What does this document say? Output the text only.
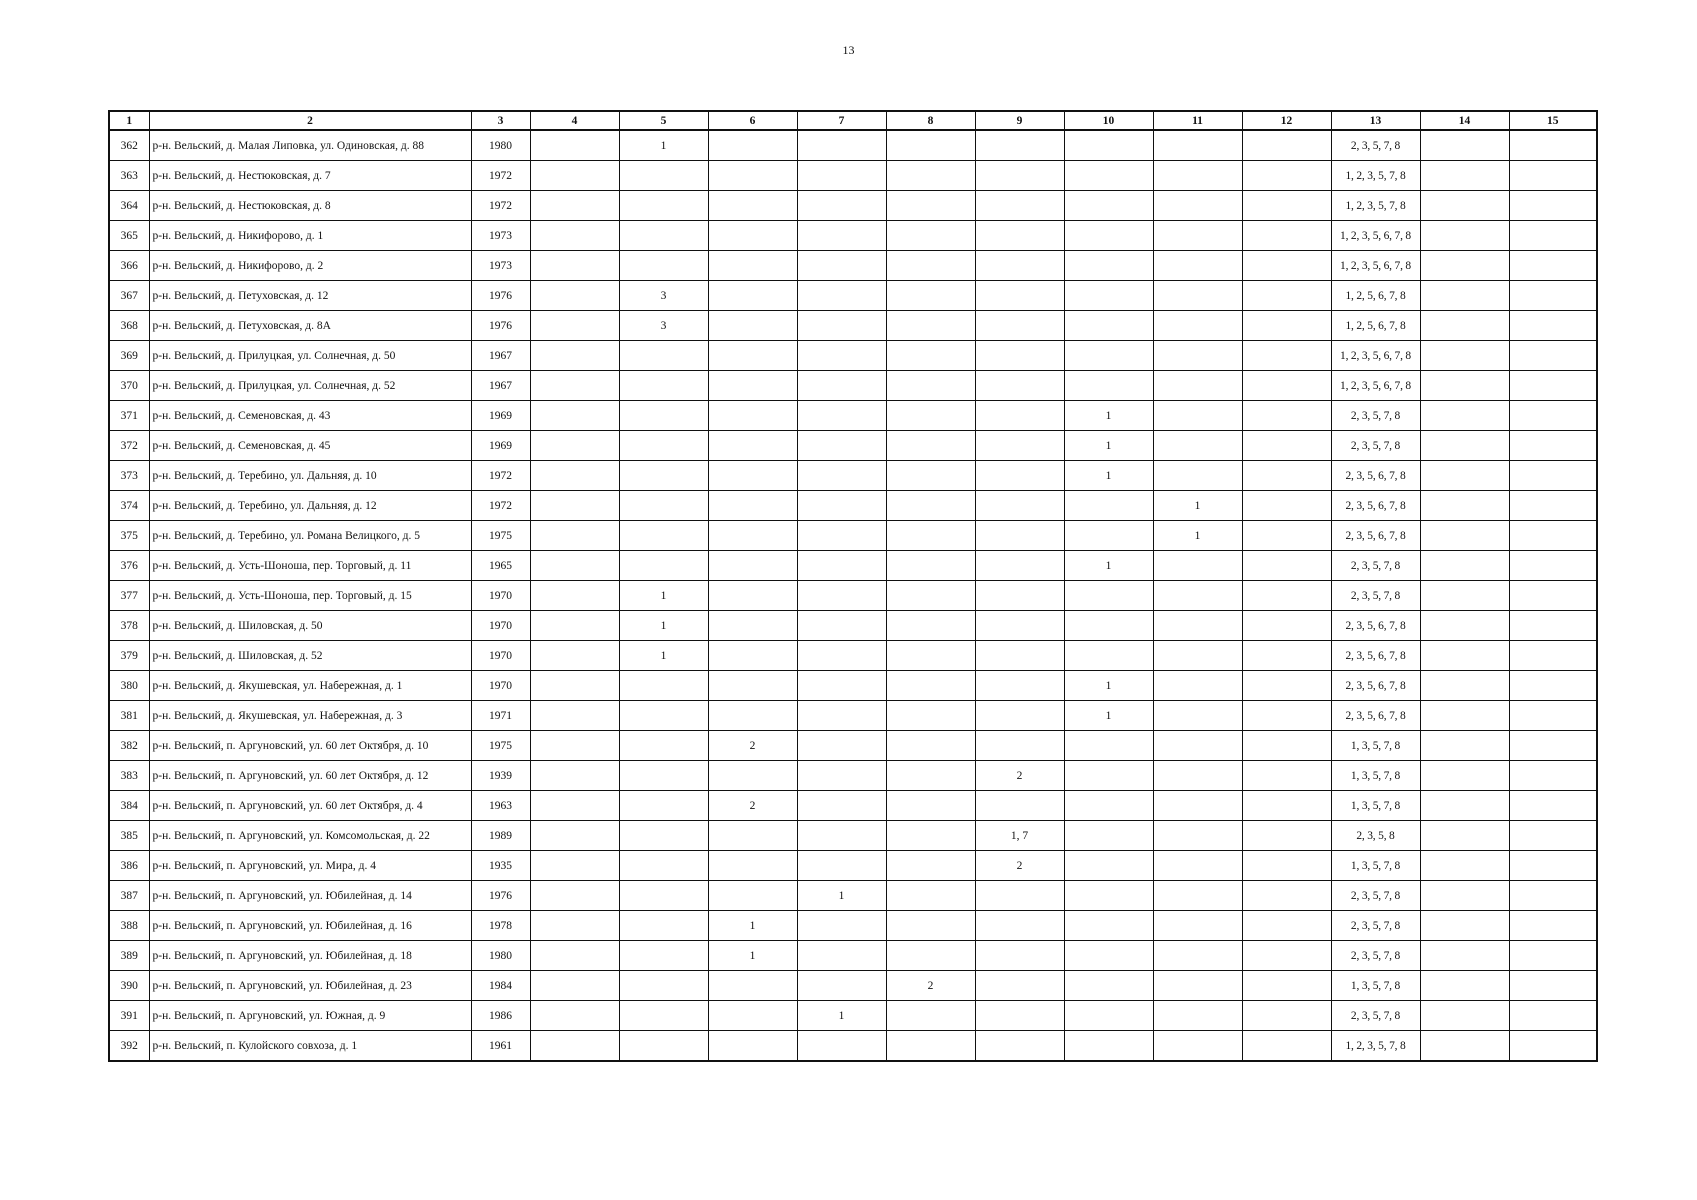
13
1	2	3	4	5	6	7	8	9	10	11	12	13	14	15
362	р-н. Вельский, д. Малая Липовка, ул. Одиновская, д. 88	1980		1								2, 3, 5, 7, 8		
363	р-н. Вельский, д. Нестюковская, д. 7	1972										1, 2, 3, 5, 7, 8		
364	р-н. Вельский, д. Нестюковская, д. 8	1972										1, 2, 3, 5, 7, 8		
365	р-н. Вельский, д. Никифорово, д. 1	1973										1, 2, 3, 5, 6, 7, 8		
366	р-н. Вельский, д. Никифорово, д. 2	1973										1, 2, 3, 5, 6, 7, 8		
367	р-н. Вельский, д. Петуховская, д. 12	1976		3								1, 2, 5, 6, 7, 8		
368	р-н. Вельский, д. Петуховская, д. 8А	1976		3								1, 2, 5, 6, 7, 8		
369	р-н. Вельский, д. Прилуцкая, ул. Солнечная, д. 50	1967										1, 2, 3, 5, 6, 7, 8		
370	р-н. Вельский, д. Прилуцкая, ул. Солнечная, д. 52	1967										1, 2, 3, 5, 6, 7, 8		
371	р-н. Вельский, д. Семеновская, д. 43	1969							1			2, 3, 5, 7, 8		
372	р-н. Вельский, д. Семеновская, д. 45	1969							1			2, 3, 5, 7, 8		
373	р-н. Вельский, д. Теребино, ул. Дальняя, д. 10	1972							1			2, 3, 5, 6, 7, 8		
374	р-н. Вельский, д. Теребино, ул. Дальняя, д. 12	1972								1		2, 3, 5, 6, 7, 8		
375	р-н. Вельский, д. Теребино, ул. Романа Велицкого, д. 5	1975								1		2, 3, 5, 6, 7, 8		
376	р-н. Вельский, д. Усть-Шоноша, пер. Торговый, д. 11	1965							1			2, 3, 5, 7, 8		
377	р-н. Вельский, д. Усть-Шоноша, пер. Торговый, д. 15	1970		1								2, 3, 5, 7, 8		
378	р-н. Вельский, д. Шиловская, д. 50	1970		1								2, 3, 5, 6, 7, 8		
379	р-н. Вельский, д. Шиловская, д. 52	1970		1								2, 3, 5, 6, 7, 8		
380	р-н. Вельский, д. Якушевская, ул. Набережная, д. 1	1970							1			2, 3, 5, 6, 7, 8		
381	р-н. Вельский, д. Якушевская, ул. Набережная, д. 3	1971							1			2, 3, 5, 6, 7, 8		
382	р-н. Вельский, п. Аргуновский, ул. 60 лет Октября, д. 10	1975			2							1, 3, 5, 7, 8		
383	р-н. Вельский, п. Аргуновский, ул. 60 лет Октября, д. 12	1939						2				1, 3, 5, 7, 8		
384	р-н. Вельский, п. Аргуновский, ул. 60 лет Октября, д. 4	1963			2							1, 3, 5, 7, 8		
385	р-н. Вельский, п. Аргуновский, ул. Комсомольская, д. 22	1989						1, 7				2, 3, 5, 8		
386	р-н. Вельский, п. Аргуновский, ул. Мира, д. 4	1935						2				1, 3, 5, 7, 8		
387	р-н. Вельский, п. Аргуновский, ул. Юбилейная, д. 14	1976				1						2, 3, 5, 7, 8		
388	р-н. Вельский, п. Аргуновский, ул. Юбилейная, д. 16	1978			1							2, 3, 5, 7, 8		
389	р-н. Вельский, п. Аргуновский, ул. Юбилейная, д. 18	1980			1							2, 3, 5, 7, 8		
390	р-н. Вельский, п. Аргуновский, ул. Юбилейная, д. 23	1984					2					1, 3, 5, 7, 8		
391	р-н. Вельский, п. Аргуновский, ул. Южная, д. 9	1986				1						2, 3, 5, 7, 8		
392	р-н. Вельский, п. Кулойского совхоза, д. 1	1961										1, 2, 3, 5, 7, 8		
